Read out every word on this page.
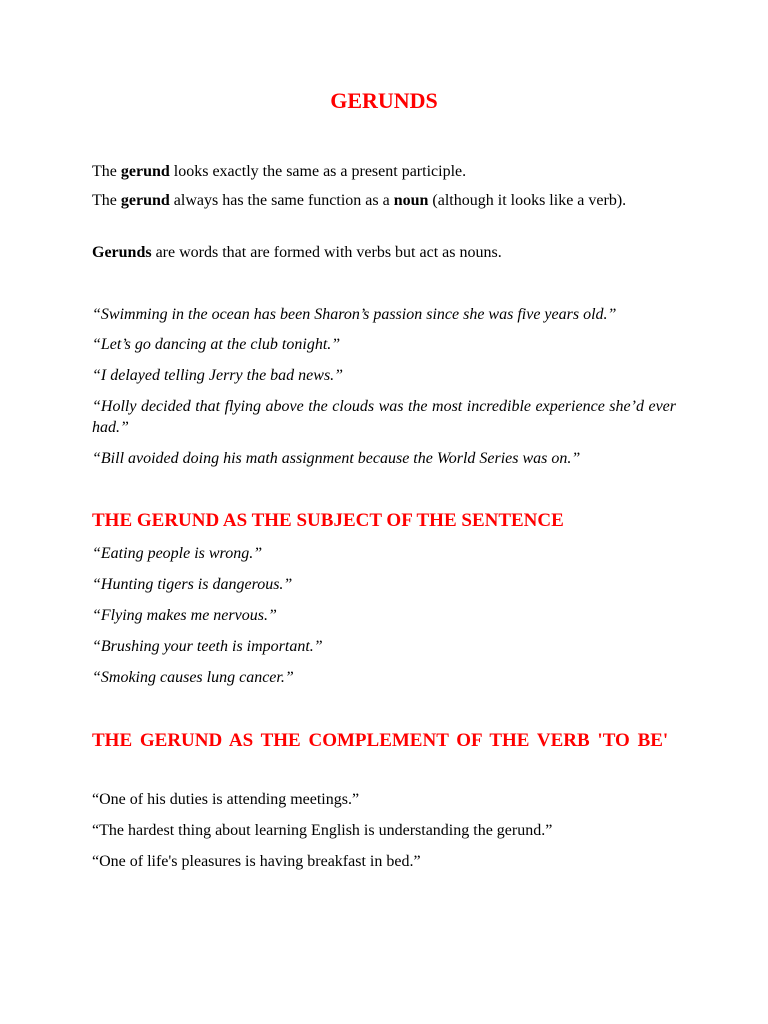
GERUNDS

The gerund looks exactly the same as a present participle.

The gerund always has the same function as a noun (although it looks like a verb).

Gerunds are words that are formed with verbs but act as nouns.

“Swimming in the ocean has been Sharon’s passion since she was five years old.”

“Let’s go dancing at the club tonight.”

“I delayed telling Jerry the bad news.”

“Holly decided that flying above the clouds was the most incredible experience she’d ever had.”

“Bill avoided doing his math assignment because the World Series was on.”

THE GERUND AS THE SUBJECT OF THE SENTENCE

“Eating people is wrong.”

“Hunting tigers is dangerous.”

“Flying makes me nervous.”

“Brushing your teeth is important.”

“Smoking causes lung cancer.”

THE GERUND AS THE COMPLEMENT OF THE VERB 'TO BE'

“One of his duties is attending meetings.”

“The hardest thing about learning English is understanding the gerund.”

“One of life's pleasures is having breakfast in bed.”
